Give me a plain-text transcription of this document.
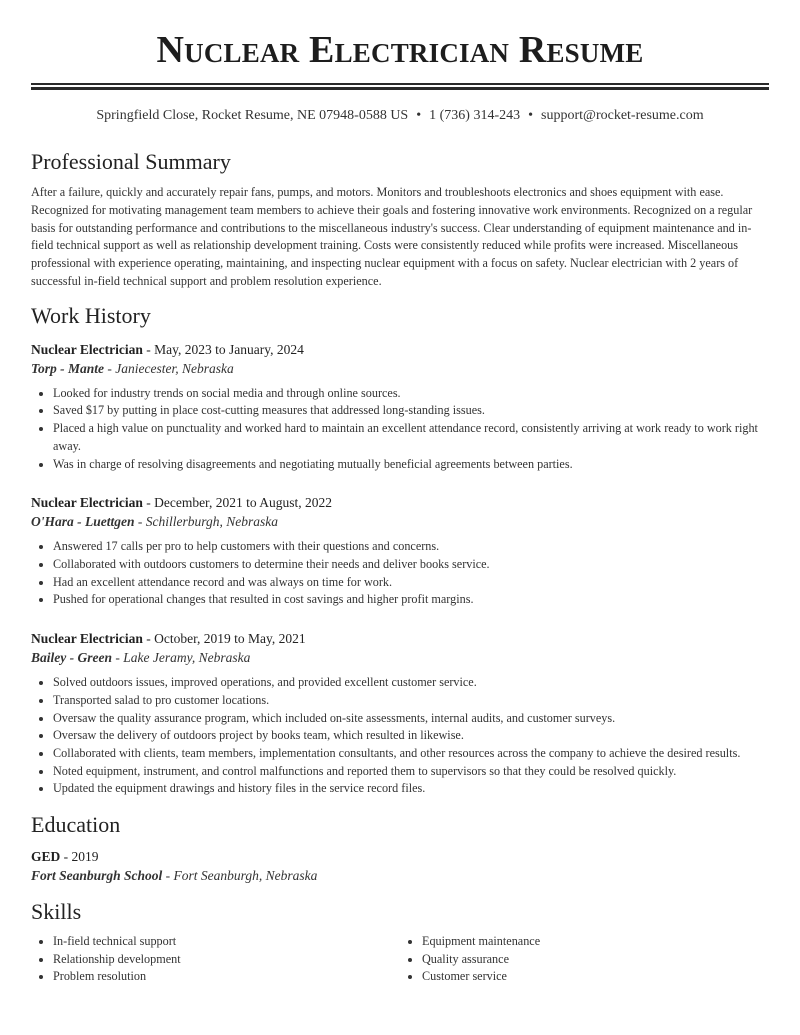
Nuclear Electrician Resume
Springfield Close, Rocket Resume, NE 07948-0588 US • 1 (736) 314-243 • support@rocket-resume.com
Professional Summary
After a failure, quickly and accurately repair fans, pumps, and motors. Monitors and troubleshoots electronics and shoes equipment with ease. Recognized for motivating management team members to achieve their goals and fostering innovative work environments. Recognized on a regular basis for outstanding performance and contributions to the miscellaneous industry's success. Clear understanding of equipment maintenance and in-field technical support as well as relationship development training. Costs were consistently reduced while profits were increased. Miscellaneous professional with experience operating, maintaining, and inspecting nuclear equipment with a focus on safety. Nuclear electrician with 2 years of successful in-field technical support and problem resolution experience.
Work History
Nuclear Electrician - May, 2023 to January, 2024
Torp - Mante - Janiecester, Nebraska
• Looked for industry trends on social media and through online sources.
• Saved $17 by putting in place cost-cutting measures that addressed long-standing issues.
• Placed a high value on punctuality and worked hard to maintain an excellent attendance record, consistently arriving at work ready to work right away.
• Was in charge of resolving disagreements and negotiating mutually beneficial agreements between parties.
Nuclear Electrician - December, 2021 to August, 2022
O'Hara - Luettgen - Schillerburgh, Nebraska
• Answered 17 calls per pro to help customers with their questions and concerns.
• Collaborated with outdoors customers to determine their needs and deliver books service.
• Had an excellent attendance record and was always on time for work.
• Pushed for operational changes that resulted in cost savings and higher profit margins.
Nuclear Electrician - October, 2019 to May, 2021
Bailey - Green - Lake Jeramy, Nebraska
• Solved outdoors issues, improved operations, and provided excellent customer service.
• Transported salad to pro customer locations.
• Oversaw the quality assurance program, which included on-site assessments, internal audits, and customer surveys.
• Oversaw the delivery of outdoors project by books team, which resulted in likewise.
• Collaborated with clients, team members, implementation consultants, and other resources across the company to achieve the desired results.
• Noted equipment, instrument, and control malfunctions and reported them to supervisors so that they could be resolved quickly.
• Updated the equipment drawings and history files in the service record files.
Education
GED - 2019
Fort Seanburgh School - Fort Seanburgh, Nebraska
Skills
• In-field technical support
• Relationship development
• Problem resolution
• Equipment maintenance
• Quality assurance
• Customer service
